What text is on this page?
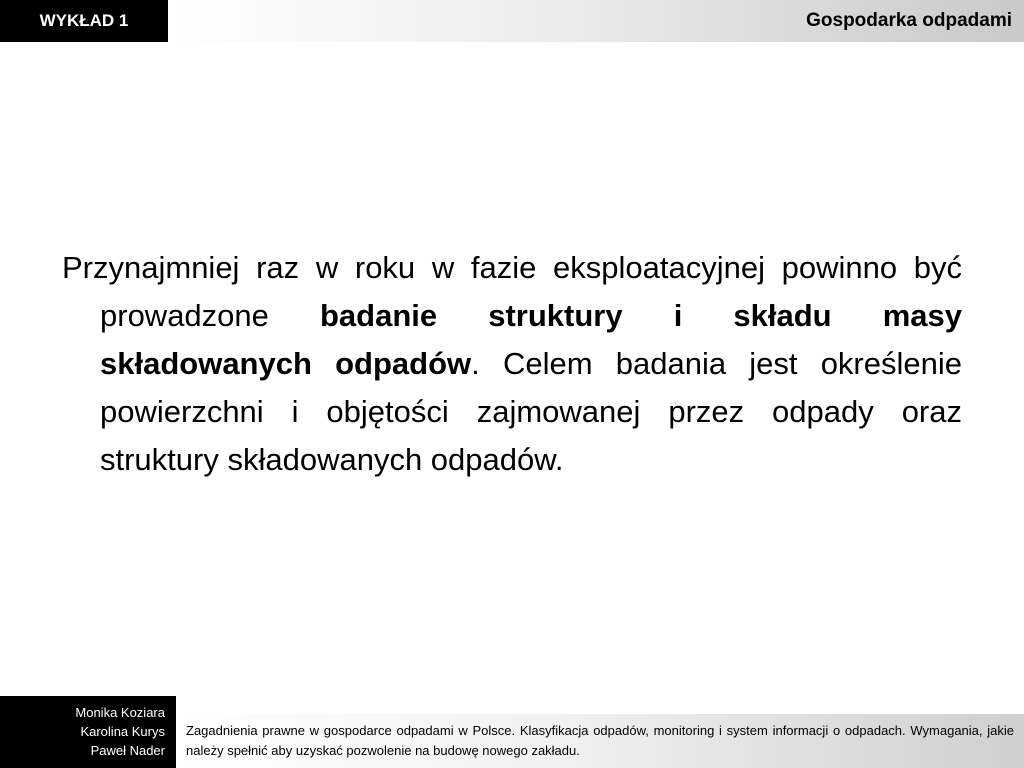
WYKŁAD 1	Gospodarka odpadami

Przynajmniej raz w roku w fazie eksploatacyjnej powinno być prowadzone badanie struktury i składu masy składowanych odpadów. Celem badania jest określenie powierzchni i objętości zajmowanej przez odpady oraz struktury składowanych odpadów.

Monika Koziara
Karolina Kurys
Paweł Nader

Zagadnienia prawne w gospodarce odpadami w Polsce. Klasyfikacja odpadów, monitoring i system informacji o odpadach. Wymagania, jakie należy spełnić aby uzyskać pozwolenie na budowę nowego zakładu.
